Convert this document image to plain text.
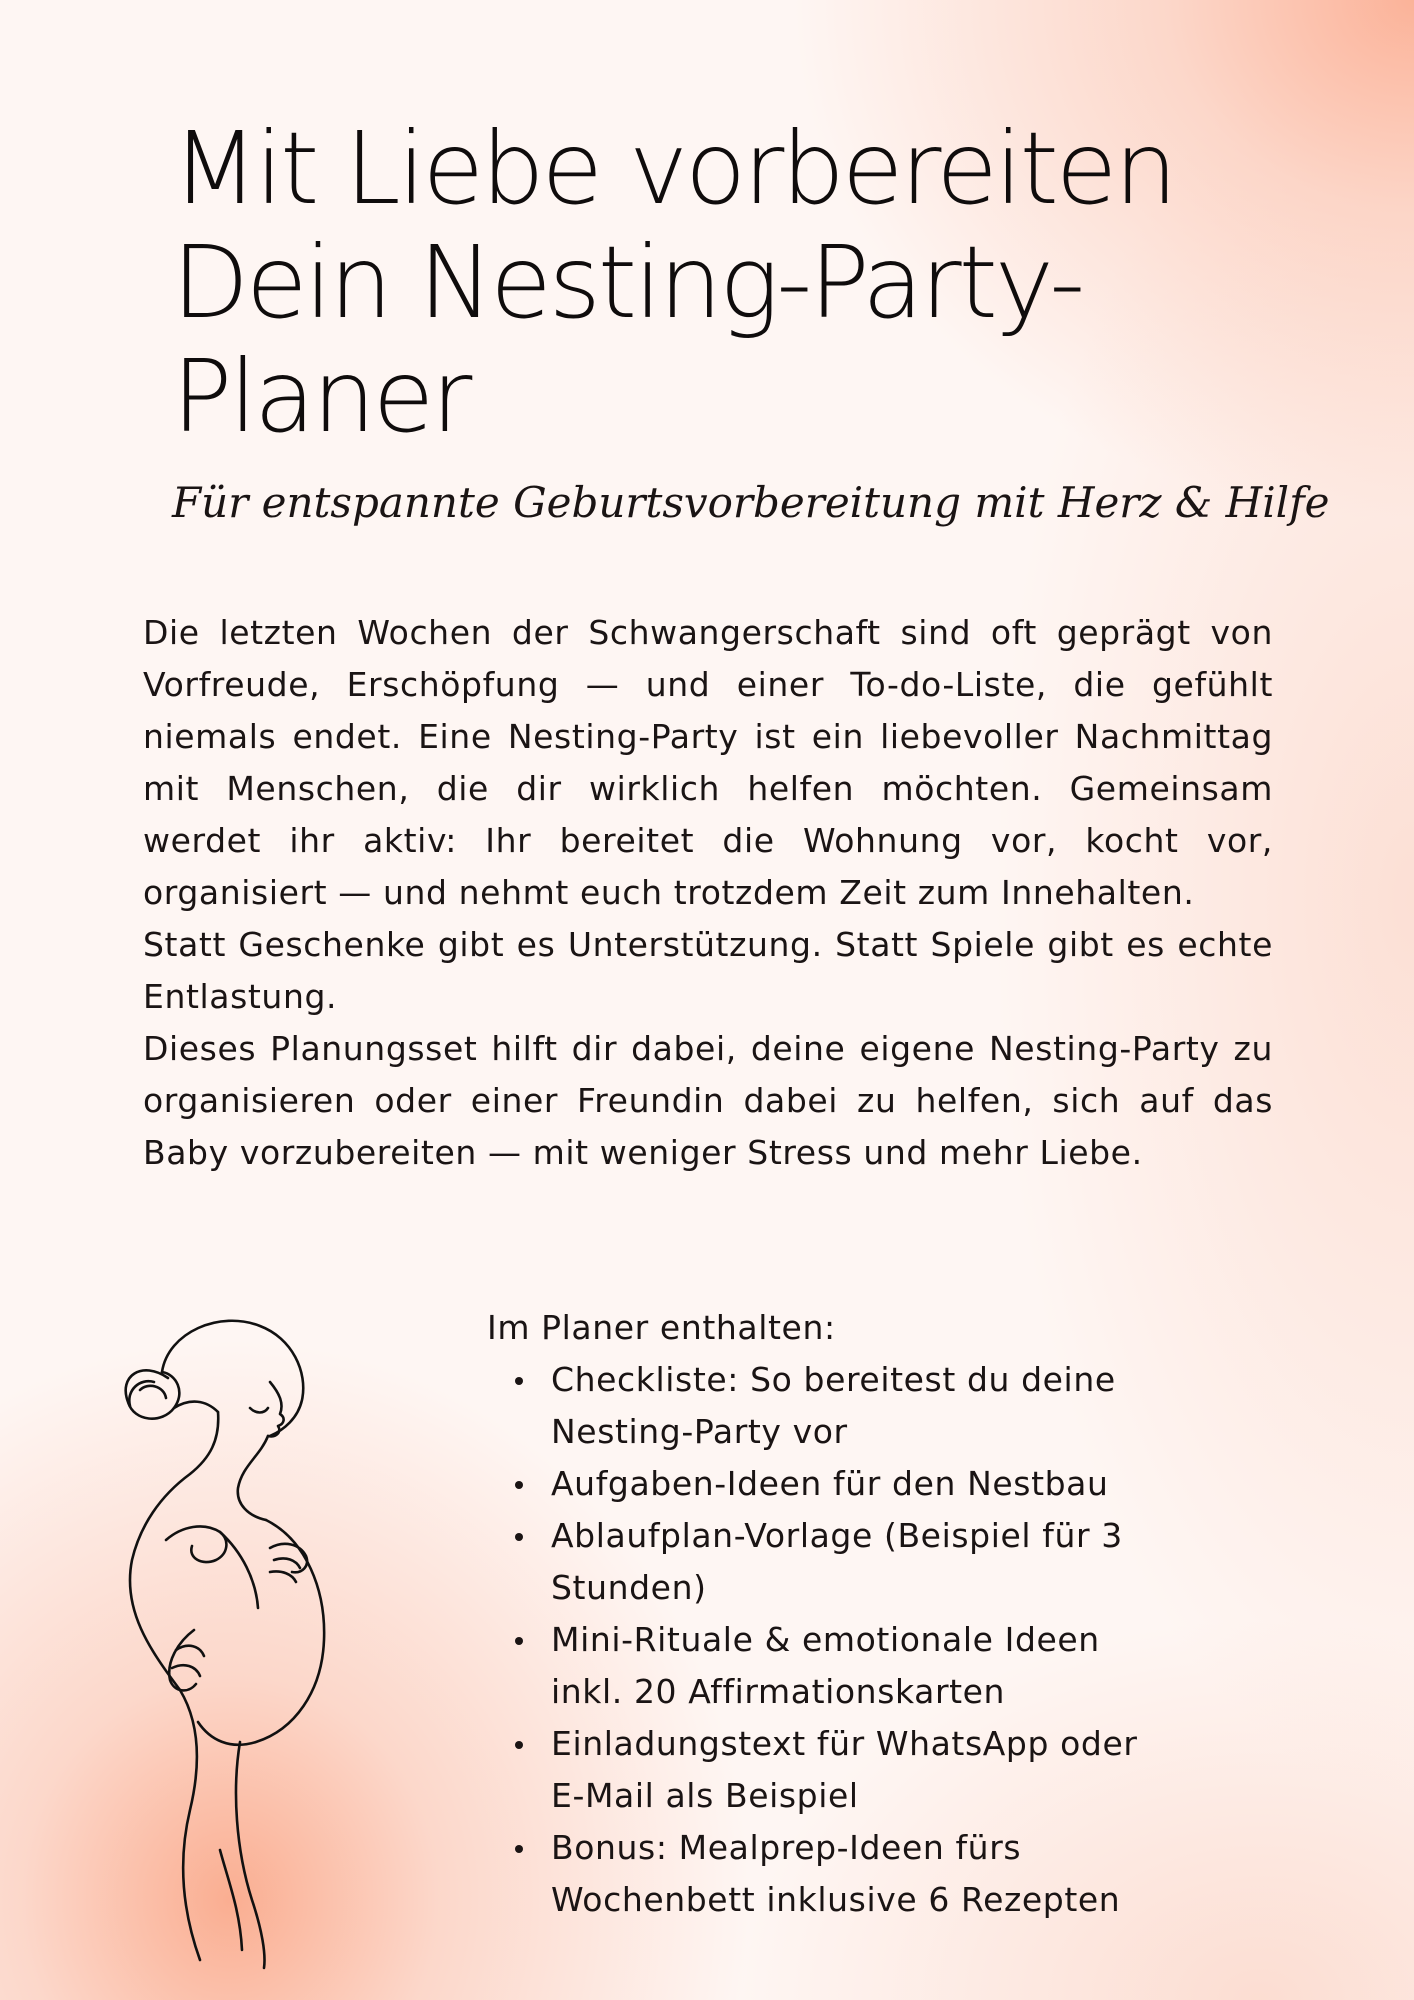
Mit Liebe vorbereiten
Dein Nesting-Party-
Planer

Für entspannte Geburtsvorbereitung mit Herz & Hilfe

Die letzten Wochen der Schwangerschaft sind oft geprägt von Vorfreude, Erschöpfung — und einer To-do-Liste, die gefühlt niemals endet. Eine Nesting-Party ist ein liebevoller Nachmittag mit Menschen, die dir wirklich helfen möchten. Gemeinsam werdet ihr aktiv: Ihr bereitet die Wohnung vor, kocht vor, organisiert — und nehmt euch trotzdem Zeit zum Innehalten.

Statt Geschenke gibt es Unterstützung. Statt Spiele gibt es echte Entlastung.

Dieses Planungsset hilft dir dabei, deine eigene Nesting-Party zu organisieren oder einer Freundin dabei zu helfen, sich auf das Baby vorzubereiten — mit weniger Stress und mehr Liebe.

Im Planer enthalten:

Checkliste: So bereitest du deine Nesting-Party vor
Aufgaben-Ideen für den Nestbau
Ablaufplan-Vorlage (Beispiel für 3 Stunden)
Mini-Rituale & emotionale Ideen inkl. 20 Affirmationskarten
Einladungstext für WhatsApp oder E-Mail als Beispiel
Bonus: Mealprep-Ideen fürs Wochenbett inklusive 6 Rezepten
